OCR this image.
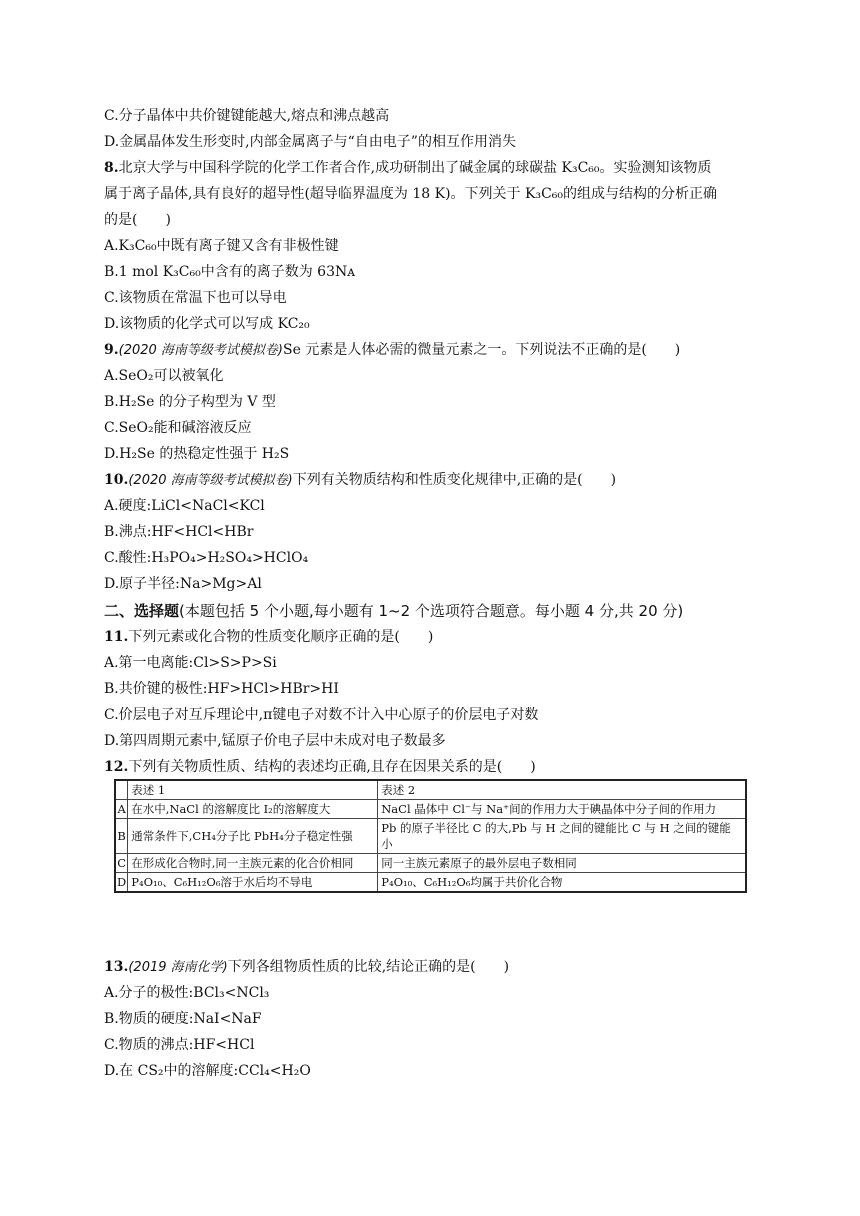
C.分子晶体中共价键键能越大,熔点和沸点越高
D.金属晶体发生形变时,内部金属离子与“自由电子”的相互作用消失
8.北京大学与中国科学院的化学工作者合作,成功研制出了碱金属的球碳盐 K₃C₆₀。实验测知该物质
属于离子晶体,具有良好的超导性(超导临界温度为 18 K)。下列关于 K₃C₆₀的组成与结构的分析正确
的是(　　)
A.K₃C₆₀中既有离子键又含有非极性键
B.1 mol K₃C₆₀中含有的离子数为 63Nᴀ
C.该物质在常温下也可以导电
D.该物质的化学式可以写成 KC₂₀
9.(2020 海南等级考试模拟卷)Se 元素是人体必需的微量元素之一。下列说法不正确的是(　　)
A.SeO₂可以被氧化
B.H₂Se 的分子构型为 V 型
C.SeO₂能和碱溶液反应
D.H₂Se 的热稳定性强于 H₂S
10.(2020 海南等级考试模拟卷)下列有关物质结构和性质变化规律中,正确的是(　　)
A.硬度:LiCl<NaCl<KCl
B.沸点:HF<HCl<HBr
C.酸性:H₃PO₄>H₂SO₄>HClO₄
D.原子半径:Na>Mg>Al
二、选择题(本题包括 5 个小题,每小题有 1~2 个选项符合题意。每小题 4 分,共 20 分)
11.下列元素或化合物的性质变化顺序正确的是(　　)
A.第一电离能:Cl>S>P>Si
B.共价键的极性:HF>HCl>HBr>HI
C.价层电子对互斥理论中,π键电子对数不计入中心原子的价层电子对数
D.第四周期元素中,锰原子价电子层中未成对电子数最多
12.下列有关物质性质、结构的表述均正确,且存在因果关系的是(　　)
	表述 1	表述 2
A	在水中,NaCl 的溶解度比 I₂的溶解度大	NaCl 晶体中 Cl⁻与 Na⁺间的作用力大于碘晶体中分子间的作用力
B	通常条件下,CH₄分子比 PbH₄分子稳定性强	Pb 的原子半径比 C 的大,Pb 与 H 之间的键能比 C 与 H 之间的键能小
C	在形成化合物时,同一主族元素的化合价相同	同一主族元素原子的最外层电子数相同
D	P₄O₁₀、C₆H₁₂O₆溶于水后均不导电	P₄O₁₀、C₆H₁₂O₆均属于共价化合物
13.(2019 海南化学)下列各组物质性质的比较,结论正确的是(　　)
A.分子的极性:BCl₃<NCl₃
B.物质的硬度:NaI<NaF
C.物质的沸点:HF<HCl
D.在 CS₂中的溶解度:CCl₄<H₂O
